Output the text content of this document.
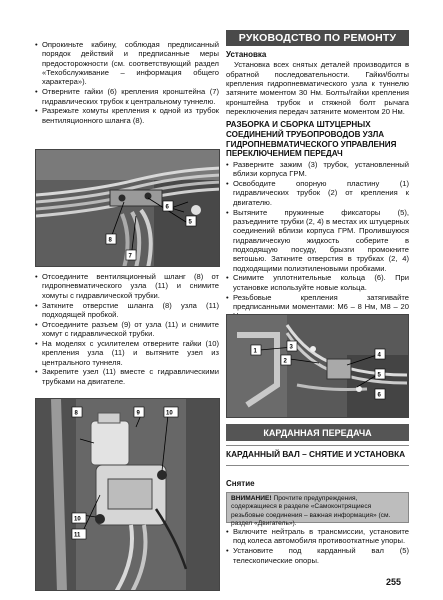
РУКОВОДСТВО ПО РЕМОНТУ
• Опрокиньте кабину, соблюдая предписанный порядок действий и предписанные меры предосторожности (см. соответствующий раздел «Техобслуживание – информация общего характера»).
• Отверните гайки (6) крепления кронштейна (7) гидравлических трубок к центральному туннелю.
• Разрежьте хомуты крепления к одной из трубок вентиляционного шланга (8).
6
5
8
7
• Отсоедините вентиляционный шланг (8) от гидропневматического узла (11) и снимите хомуты с гидравлической трубки.
• Заткните отверстие шланга (8) узла (11) подходящей пробкой.
• Отсоедините разъем (9) от узла (11) и снимите хомут с гидравлической трубки.
• На моделях с усилителем отверните гайки (10) крепления узла (11) и вытяните узел из центрального туннеля.
• Закрепите узел (11) вместе с гидравлическими трубками на двигателе.
8	9	10
10
11
Установка
Установка всех снятых деталей производится в обратной последовательности. Гайки/болты крепления гидропневматического узла к туннелю затяните моментом 30 Нм. Болты/гайки крепления кронштейна трубок и стяжной болт рычага переключения передач затяните моментом 20 Нм.
РАЗБОРКА И СБОРКА ШТУЦЕРНЫХ СОЕДИНЕНИЙ ТРУБОПРОВОДОВ УЗЛА ГИДРОПНЕВМАТИЧЕСКОГО УПРАВЛЕНИЯ ПЕРЕКЛЮЧЕНИЕМ ПЕРЕДАЧ
• Разверните зажим (3) трубок, установленный вблизи корпуса ГРМ.
• Освободите опорную пластину (1) гидравлических трубок (2) от крепления к двигателю.
• Вытяните пружинные фиксаторы (5), разъедините трубки (2, 4) в местах их штуцерных соединений вблизи корпуса ГРМ. Пролившуюся гидравлическую жидкость соберите в подходящую посуду, брызги промокните ветошью. Заткните отверстия в трубках (2, 4) подходящими полиэтиленовыми пробками.
• Снимите уплотнительные кольца (6). При установке используйте новые кольца.
• Резьбовые крепления затягивайте предписанными моментами: М6 – 8 Нм, М8 – 20
1
2
3
4
5
6
КАРДАННАЯ ПЕРЕДАЧА
КАРДАННЫЙ ВАЛ – СНЯТИЕ И УСТАНОВКА
Снятие
ВНИМАНИЕ! Прочтите предупреждения, содержащиеся в разделе «Самоконтрящиеся резьбовые соединения – важная информация» (см. раздел «Двигатель»).
• Включите нейтраль в трансмиссии, установите под колеса автомобиля противооткатные упоры.
• Установите под карданный вал (5) телескопические опоры.
255
